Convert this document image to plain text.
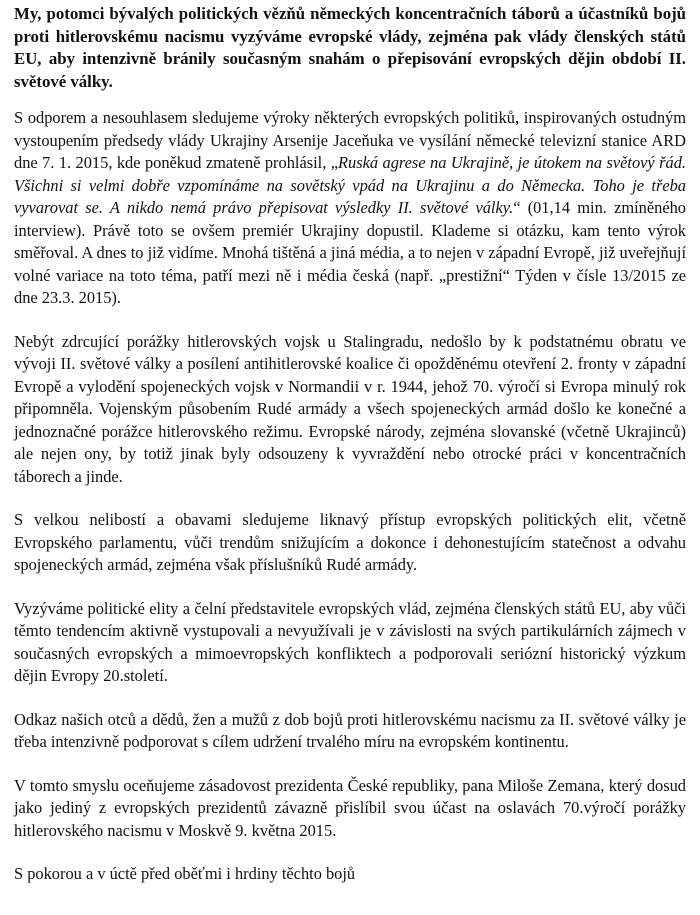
My, potomci bývalých politických vězňů německých koncentračních táborů a účastníků bojů proti hitlerovskému nacismu vyzýváme evropské vlády, zejména pak vlády členských států EU, aby intenzivně bránily současným snahám o přepisování evropských dějin období II. světové války.

S odporem a nesouhlasem sledujeme výroky některých evropských politiků, inspirovaných ostudným vystoupením předsedy vlády Ukrajiny Arsenije Jaceňuka ve vysílání německé televizní stanice ARD dne 7. 1. 2015, kde poněkud zmateně prohlásil, „Ruská agrese na Ukrajině, je útokem na světový řád. Všichni si velmi dobře vzpomínáme na sovětský vpád na Ukrajinu a do Německa. Toho je třeba vyvarovat se. A nikdo nemá právo přepisovat výsledky II. světové války.“ (01,14 min. zmíněného interview). Právě toto se ovšem premiér Ukrajiny dopustil. Klademe si otázku, kam tento výrok směřoval. A dnes to již vidíme. Mnohá tištěná a jiná média, a to nejen v západní Evropě, již uveřejňují volné variace na toto téma, patří mezi ně i média česká (např. „prestižní“ Týden v čísle 13/2015 ze dne 23.3. 2015).

Nebýt zdrcující porážky hitlerovských vojsk u Stalingradu, nedošlo by k podstatnému obratu ve vývoji II. světové války a posílení antihitlerovské koalice či opožděnému otevření 2. fronty v západní Evropě a vylodění spojeneckých vojsk v Normandii v r. 1944, jehož 70. výročí si Evropa minulý rok připomněla. Vojenským působením Rudé armády a všech spojeneckých armád došlo ke konečné a jednoznačné porážce hitlerovského režimu. Evropské národy, zejména slovanské (včetně Ukrajinců) ale nejen ony, by totiž jinak byly odsouzeny k vyvraždění nebo otrocké práci v koncentračních táborech a jinde.

S velkou nelibostí a obavami sledujeme liknavý přístup evropských politických elit, včetně Evropského parlamentu, vůči trendům snižujícím a dokonce i dehonestujícím statečnost a odvahu spojeneckých armád, zejména však příslušníků Rudé armády.

Vyzýváme politické elity a čelní představitele evropských vlád, zejména členských států EU, aby vůči těmto tendencím aktivně vystupovali a nevyužívali je v závislosti na svých partikulárních zájmech v současných evropských a mimoevropských konfliktech a podporovali seriózní historický výzkum dějin Evropy 20.století.

Odkaz našich otců a dědů, žen a mužů z dob bojů proti hitlerovskému nacismu za II. světové války je třeba intenzivně podporovat s cílem udržení trvalého míru na evropském kontinentu.

V tomto smyslu oceňujeme zásadovost prezidenta České republiky, pana Miloše Zemana, který dosud jako jediný z evropských prezidentů závazně přislíbil svou účast na oslavách 70.výročí porážky hitlerovského nacismu v Moskvě 9. května 2015.

S pokorou a v úctě před oběťmi i hrdiny těchto bojů
